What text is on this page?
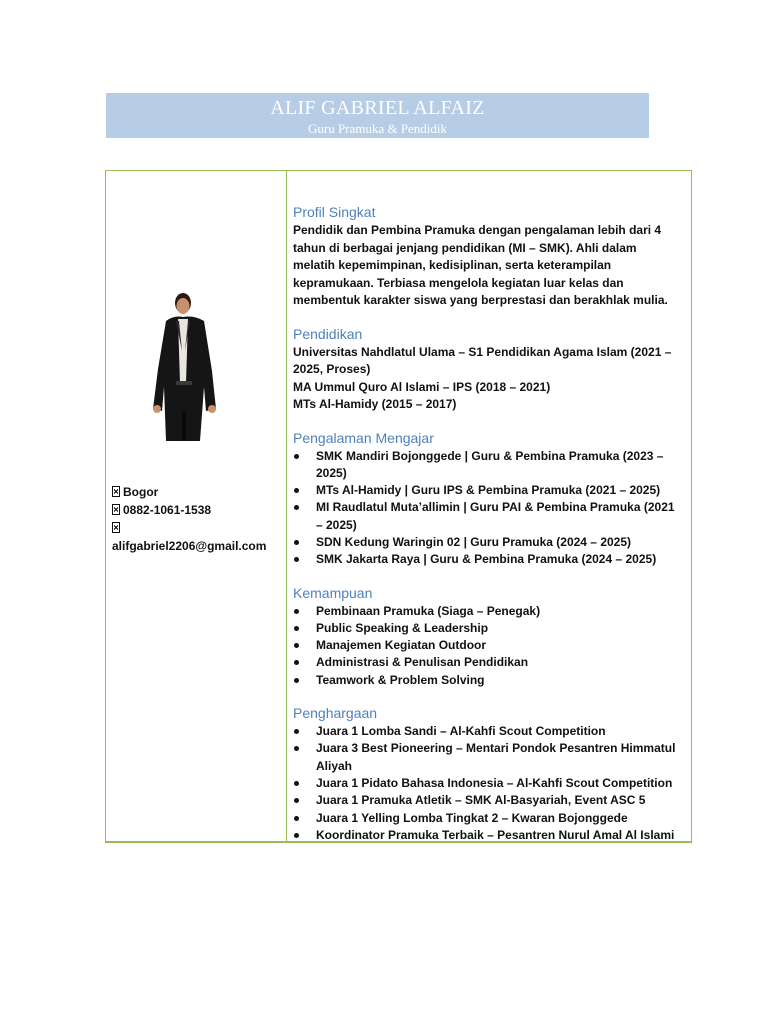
ALIF GABRIEL ALFAIZ
Guru Pramuka & Pendidik
Bogor
0882-1061-1538
alifgabriel2206@gmail.com
Profil Singkat

Pendidik dan Pembina Pramuka dengan pengalaman lebih dari 4
tahun di berbagai jenjang pendidikan (MI – SMK). Ahli dalam
melatih kepemimpinan, kedisiplinan, serta keterampilan
kepramukaan. Terbiasa mengelola kegiatan luar kelas dan
membentuk karakter siswa yang berprestasi dan berakhlak mulia.

Pendidikan

Universitas Nahdlatul Ulama – S1 Pendidikan Agama Islam (2021 –
2025, Proses)
MA Ummul Quro Al Islami – IPS (2018 – 2021)
MTs Al-Hamidy (2015 – 2017)

Pengalaman Mengajar
SMK Mandiri Bojonggede | Guru & Pembina Pramuka (2023 – 2025)
MTs Al-Hamidy | Guru IPS & Pembina Pramuka (2021 – 2025)
MI Raudlatul Muta’allimin | Guru PAI & Pembina Pramuka (2021 – 2025)
SDN Kedung Waringin 02 | Guru Pramuka (2024 – 2025)
SMK Jakarta Raya | Guru & Pembina Pramuka (2024 – 2025)
Kemampuan
Pembinaan Pramuka (Siaga – Penegak)
Public Speaking & Leadership
Manajemen Kegiatan Outdoor
Administrasi & Penulisan Pendidikan
Teamwork & Problem Solving
Penghargaan
Juara 1 Lomba Sandi – Al-Kahfi Scout Competition
Juara 3 Best Pioneering – Mentari Pondok Pesantren Himmatul Aliyah
Juara 1 Pidato Bahasa Indonesia – Al-Kahfi Scout Competition
Juara 1 Pramuka Atletik – SMK Al-Basyariah, Event ASC 5
Juara 1 Yelling Lomba Tingkat 2 – Kwaran Bojonggede
Koordinator Pramuka Terbaik – Pesantren Nurul Amal Al Islami
